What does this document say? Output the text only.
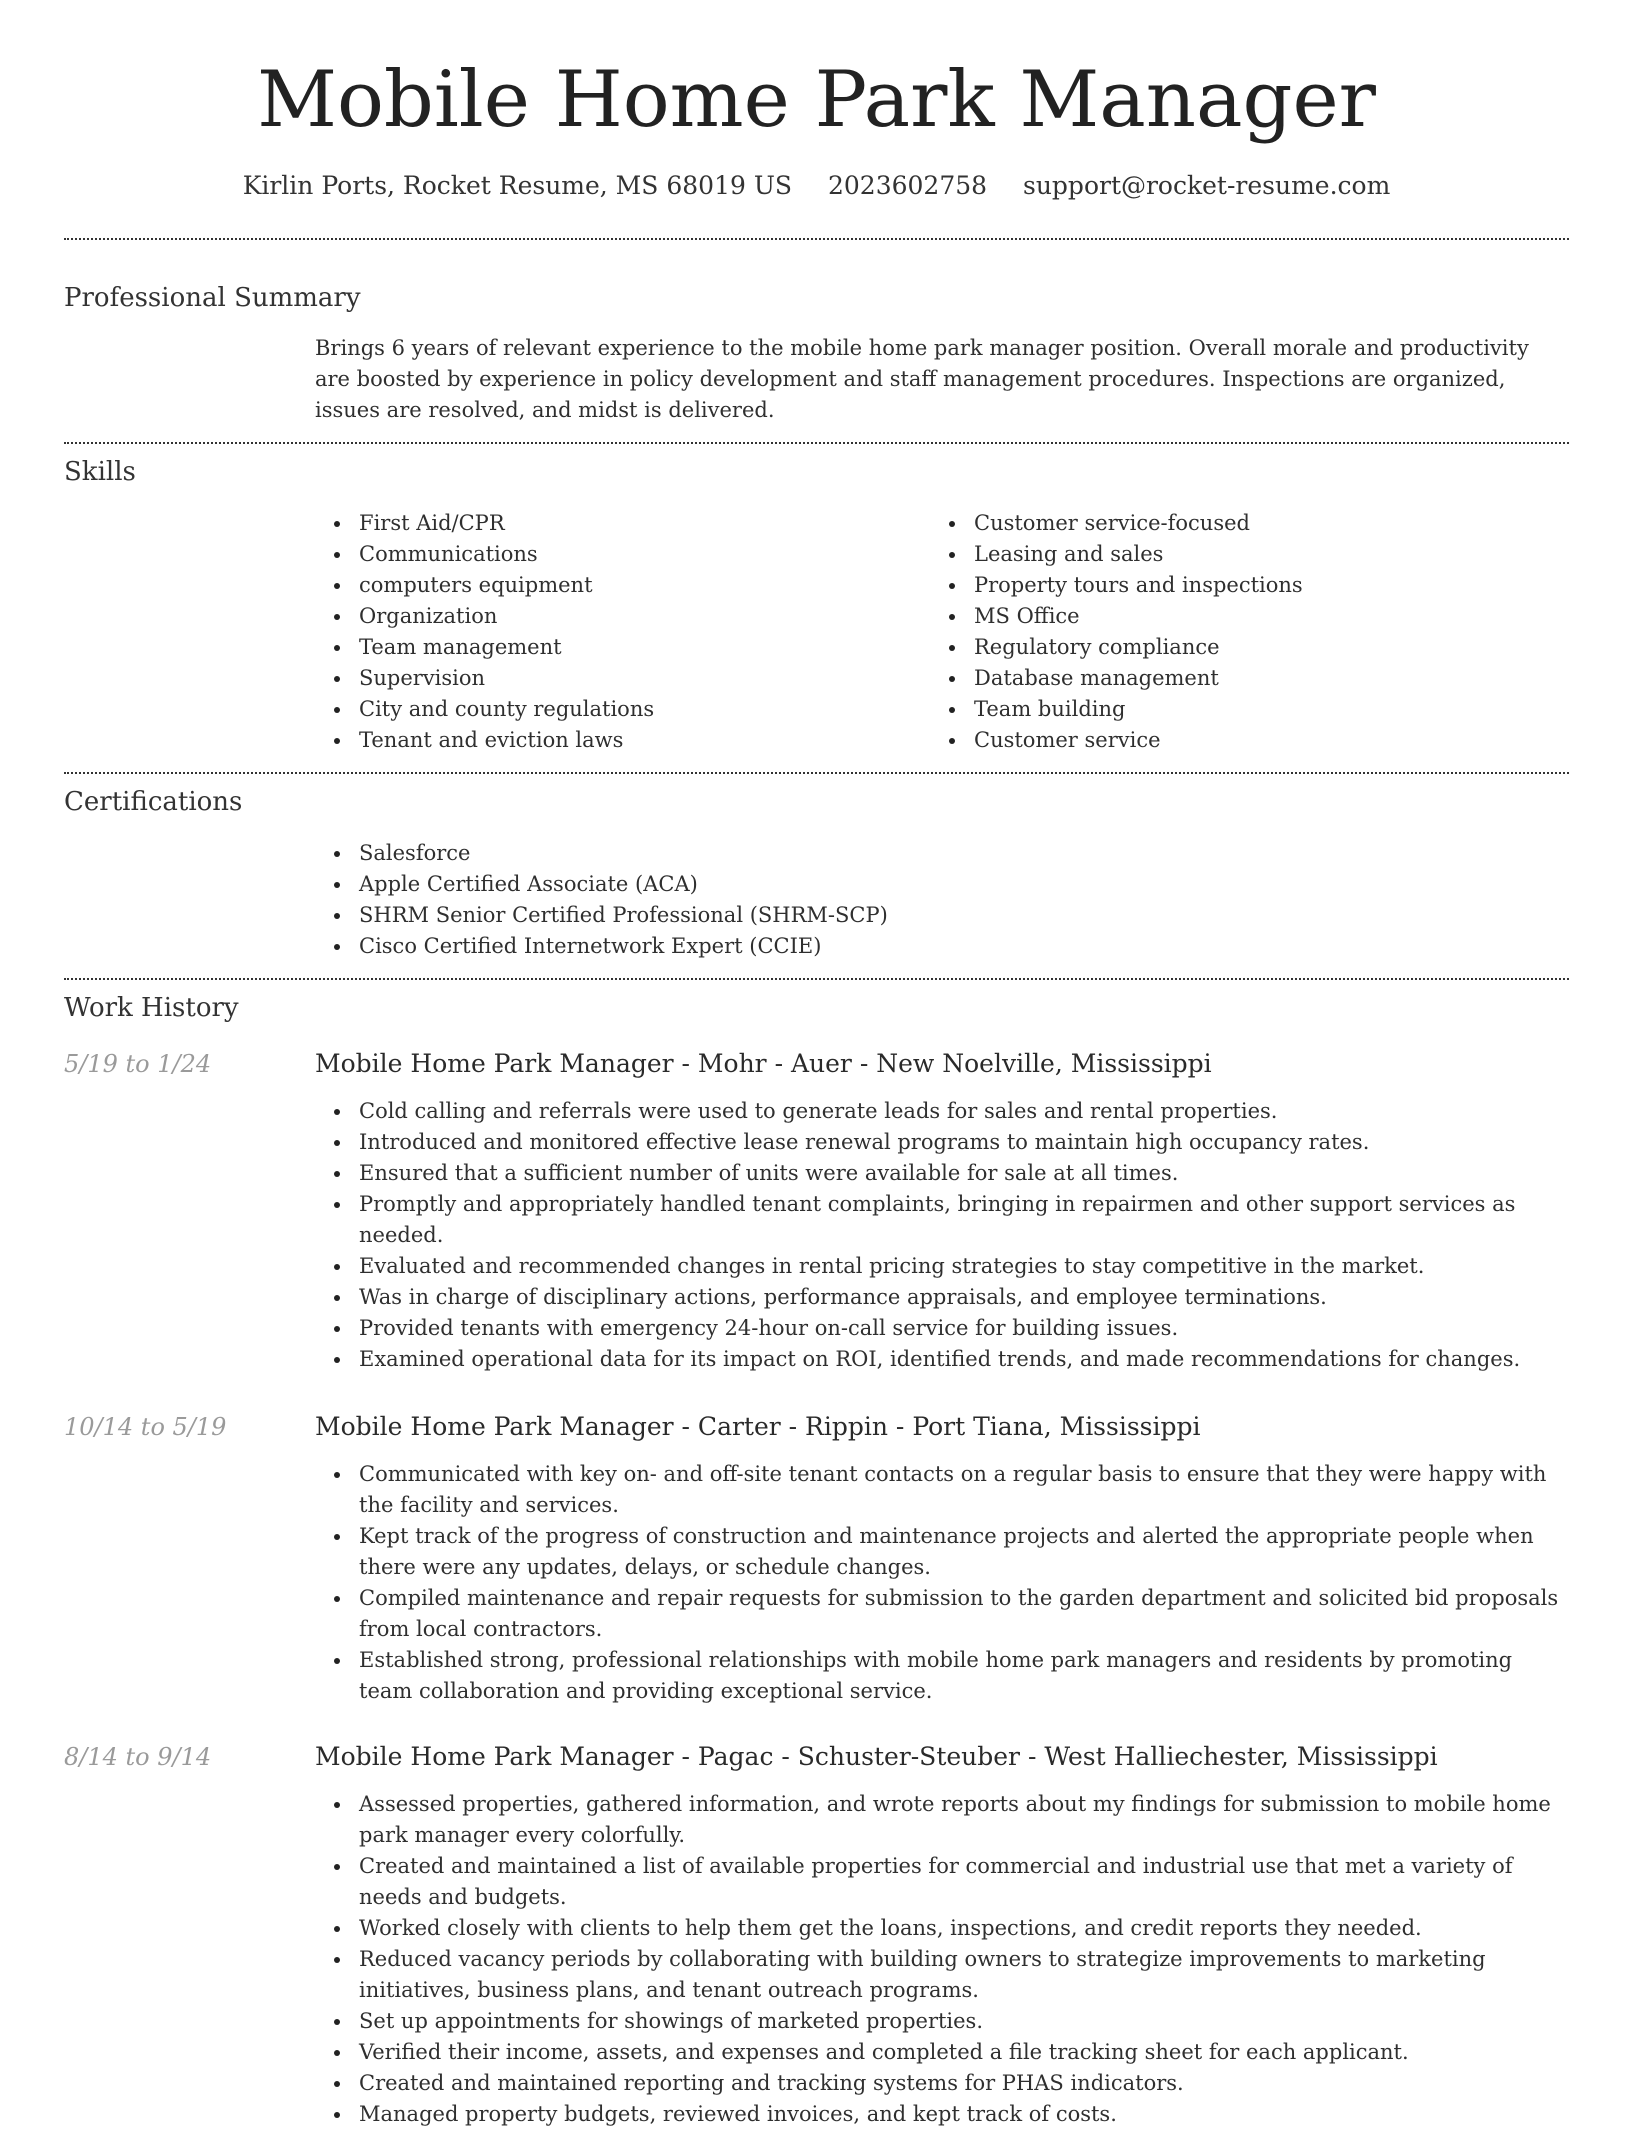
Mobile Home Park Manager
Kirlin Ports, Rocket Resume, MS 68019 US 2023602758 support@rocket-resume.com
Professional Summary

Brings 6 years of relevant experience to the mobile home park manager position. Overall morale and productivity are boosted by experience in policy development and staff management procedures. Inspections are organized, issues are resolved, and midst is delivered.

Skills
First Aid/CPR
Communications
computers equipment
Organization
Team management
Supervision
City and county regulations
Tenant and eviction laws
Customer service-focused
Leasing and sales
Property tours and inspections
MS Office
Regulatory compliance
Database management
Team building
Customer service
Certifications
Salesforce
Apple Certified Associate (ACA)
SHRM Senior Certified Professional (SHRM-SCP)
Cisco Certified Internetwork Expert (CCIE)
Work History
5/19 to 1/24	Mobile Home Park Manager - Mohr - Auer - New Noelville, Mississippi
Cold calling and referrals were used to generate leads for sales and rental properties.
Introduced and monitored effective lease renewal programs to maintain high occupancy rates.
Ensured that a sufficient number of units were available for sale at all times.
Promptly and appropriately handled tenant complaints, bringing in repairmen and other support services as needed.
Evaluated and recommended changes in rental pricing strategies to stay competitive in the market.
Was in charge of disciplinary actions, performance appraisals, and employee terminations.
Provided tenants with emergency 24-hour on-call service for building issues.
Examined operational data for its impact on ROI, identified trends, and made recommendations for changes.
10/14 to 5/19	Mobile Home Park Manager - Carter - Rippin - Port Tiana, Mississippi
Communicated with key on- and off-site tenant contacts on a regular basis to ensure that they were happy with the facility and services.
Kept track of the progress of construction and maintenance projects and alerted the appropriate people when there were any updates, delays, or schedule changes.
Compiled maintenance and repair requests for submission to the garden department and solicited bid proposals from local contractors.
Established strong, professional relationships with mobile home park managers and residents by promoting team collaboration and providing exceptional service.
8/14 to 9/14	Mobile Home Park Manager - Pagac - Schuster-Steuber - West Halliechester, Mississippi
Assessed properties, gathered information, and wrote reports about my findings for submission to mobile home park manager every colorfully.
Created and maintained a list of available properties for commercial and industrial use that met a variety of needs and budgets.
Worked closely with clients to help them get the loans, inspections, and credit reports they needed.
Reduced vacancy periods by collaborating with building owners to strategize improvements to marketing initiatives, business plans, and tenant outreach programs.
Set up appointments for showings of marketed properties.
Verified their income, assets, and expenses and completed a file tracking sheet for each applicant.
Created and maintained reporting and tracking systems for PHAS indicators.
Managed property budgets, reviewed invoices, and kept track of costs.
